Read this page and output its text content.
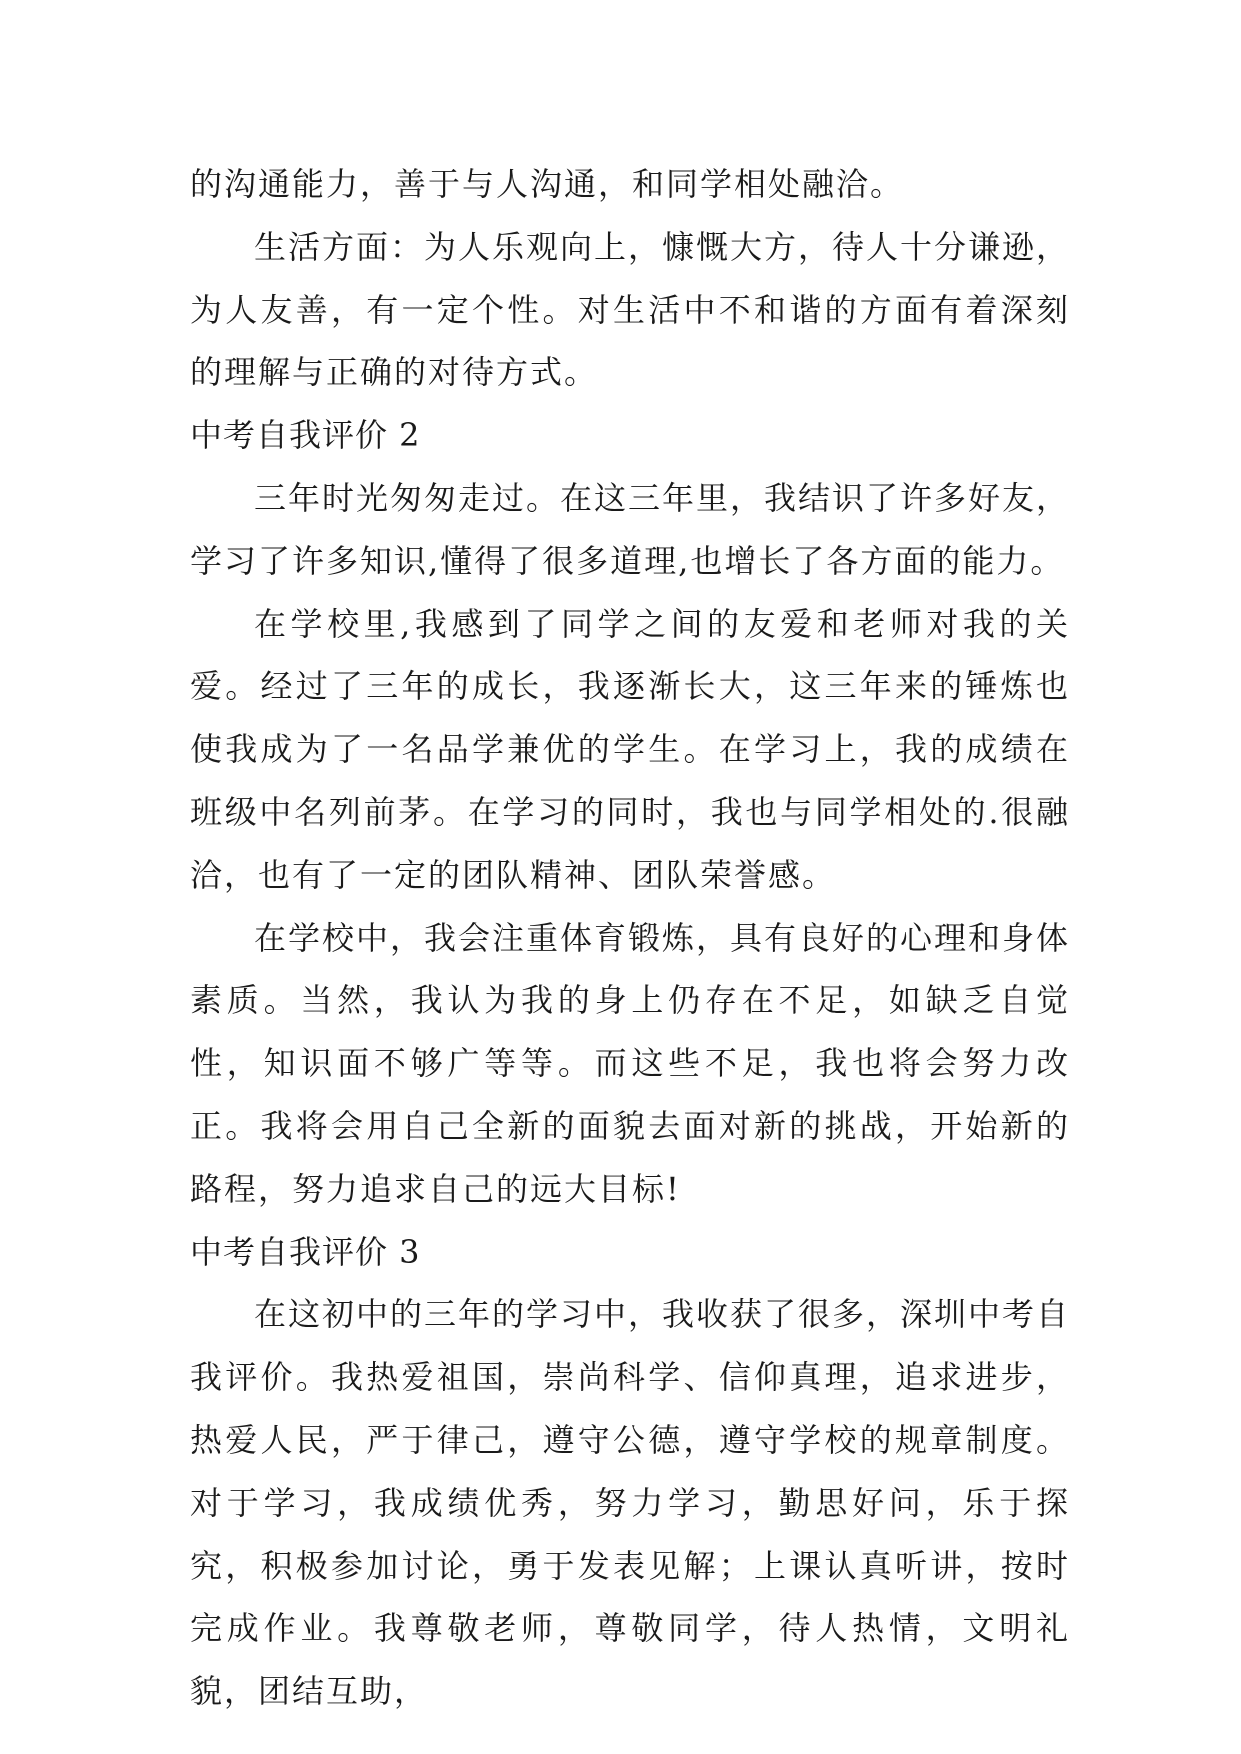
的沟通能力，善于与人沟通，和同学相处融洽。

生活方面：为人乐观向上，慷慨大方，待人十分谦逊，为人友善，有一定个性。对生活中不和谐的方面有着深刻的理解与正确的对待方式。

中考自我评价 2

三年时光匆匆走过。在这三年里，我结识了许多好友，学习了许多知识,懂得了很多道理,也增长了各方面的能力。

在学校里,我感到了同学之间的友爱和老师对我的关爱。经过了三年的成长，我逐渐长大，这三年来的锤炼也使我成为了一名品学兼优的学生。在学习上，我的成绩在班级中名列前茅。在学习的同时，我也与同学相处的.很融洽，也有了一定的团队精神、团队荣誉感。

在学校中，我会注重体育锻炼，具有良好的心理和身体素质。当然，我认为我的身上仍存在不足，如缺乏自觉性，知识面不够广等等。而这些不足，我也将会努力改正。我将会用自己全新的面貌去面对新的挑战，开始新的路程，努力追求自己的远大目标!

中考自我评价 3

在这初中的三年的学习中，我收获了很多，深圳中考自我评价。我热爱祖国，崇尚科学、信仰真理，追求进步，热爱人民，严于律己，遵守公德，遵守学校的规章制度。对于学习，我成绩优秀，努力学习，勤思好问，乐于探究，积极参加讨论，勇于发表见解；上课认真听讲，按时完成作业。我尊敬老师，尊敬同学，待人热情，文明礼貌，团结互助，
